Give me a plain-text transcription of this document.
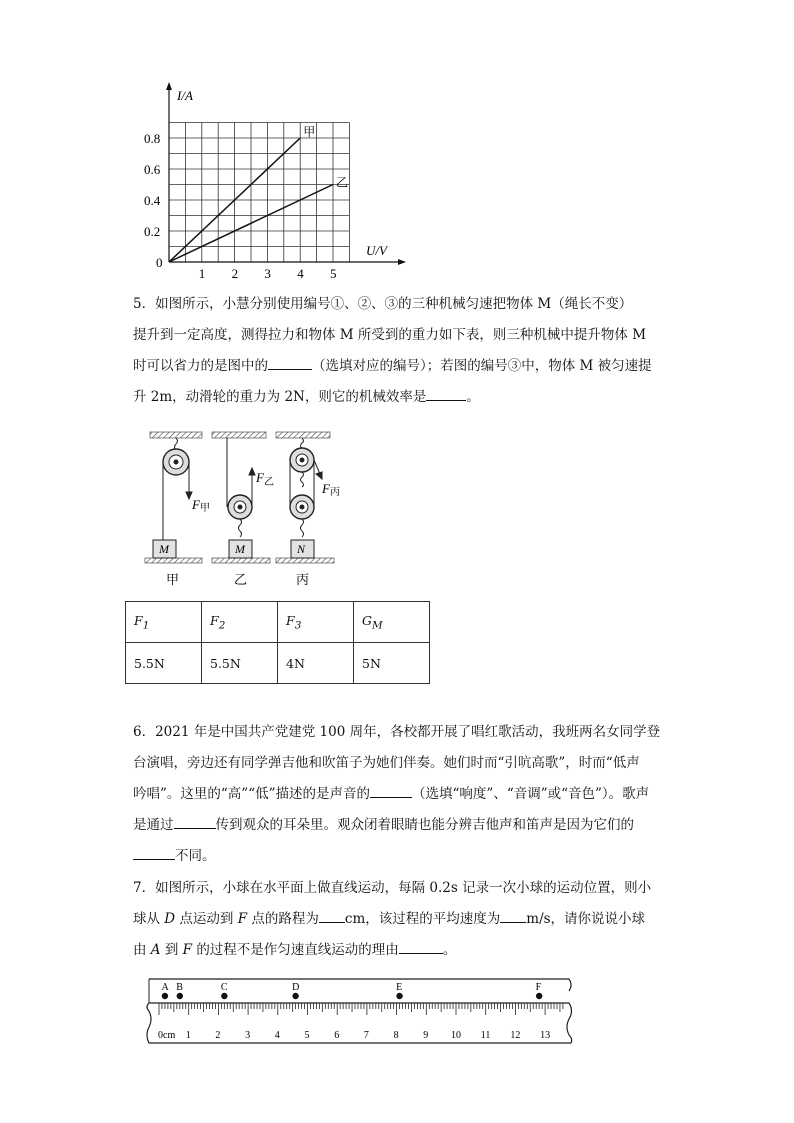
甲
乙
I/A
U/V
0
0.8
0.6
0.4
0.2
1 2 3 4 5

5．如图所示，小慧分别使用编号①、②、③的三种机械匀速把物体 M（绳长不变）

提升到一定高度，测得拉力和物体 M 所受到的重力如下表，则三种机械中提升物体 M

时可以省力的是图中的	（选填对应的编号）；若图的编号③中，物体 M 被匀速提

升 2m，动滑轮的重力为 2N，则它的机械效率是	。

M	M	N
F甲
$F_乙$	F丙
甲	乙	丙
$F_1$	$F_2$	$F_3$	$G_M$
5.5N	5.5N	4N	5N

6．2021 年是中国共产党建党 100 周年，各校都开展了唱红歌活动，我班两名女同学登

台演唱，旁边还有同学弹吉他和吹笛子为她们伴奏。她们时而“引吭高歌”，时而“低声

吟唱”。这里的“高”“低”描述的是声音的	（选填“响度”、“音调”或“音色”）。歌声

是通过	传到观众的耳朵里。观众闭着眼睛也能分辨吉他声和笛声是因为它们的

不同。

7．如图所示，小球在水平面上做直线运动，每隔 0.2s 记录一次小球的运动位置，则小

球从 D 点运动到 F 点的路程为 cm，该过程的平均速度为 m/s，请你说说小球

由 A 到 F 的过程不是作匀速直线运动的理由	。

0cm 1 2 3 4 5 6 7 8 9 10 11 12 13
A B	C	D	E	F
